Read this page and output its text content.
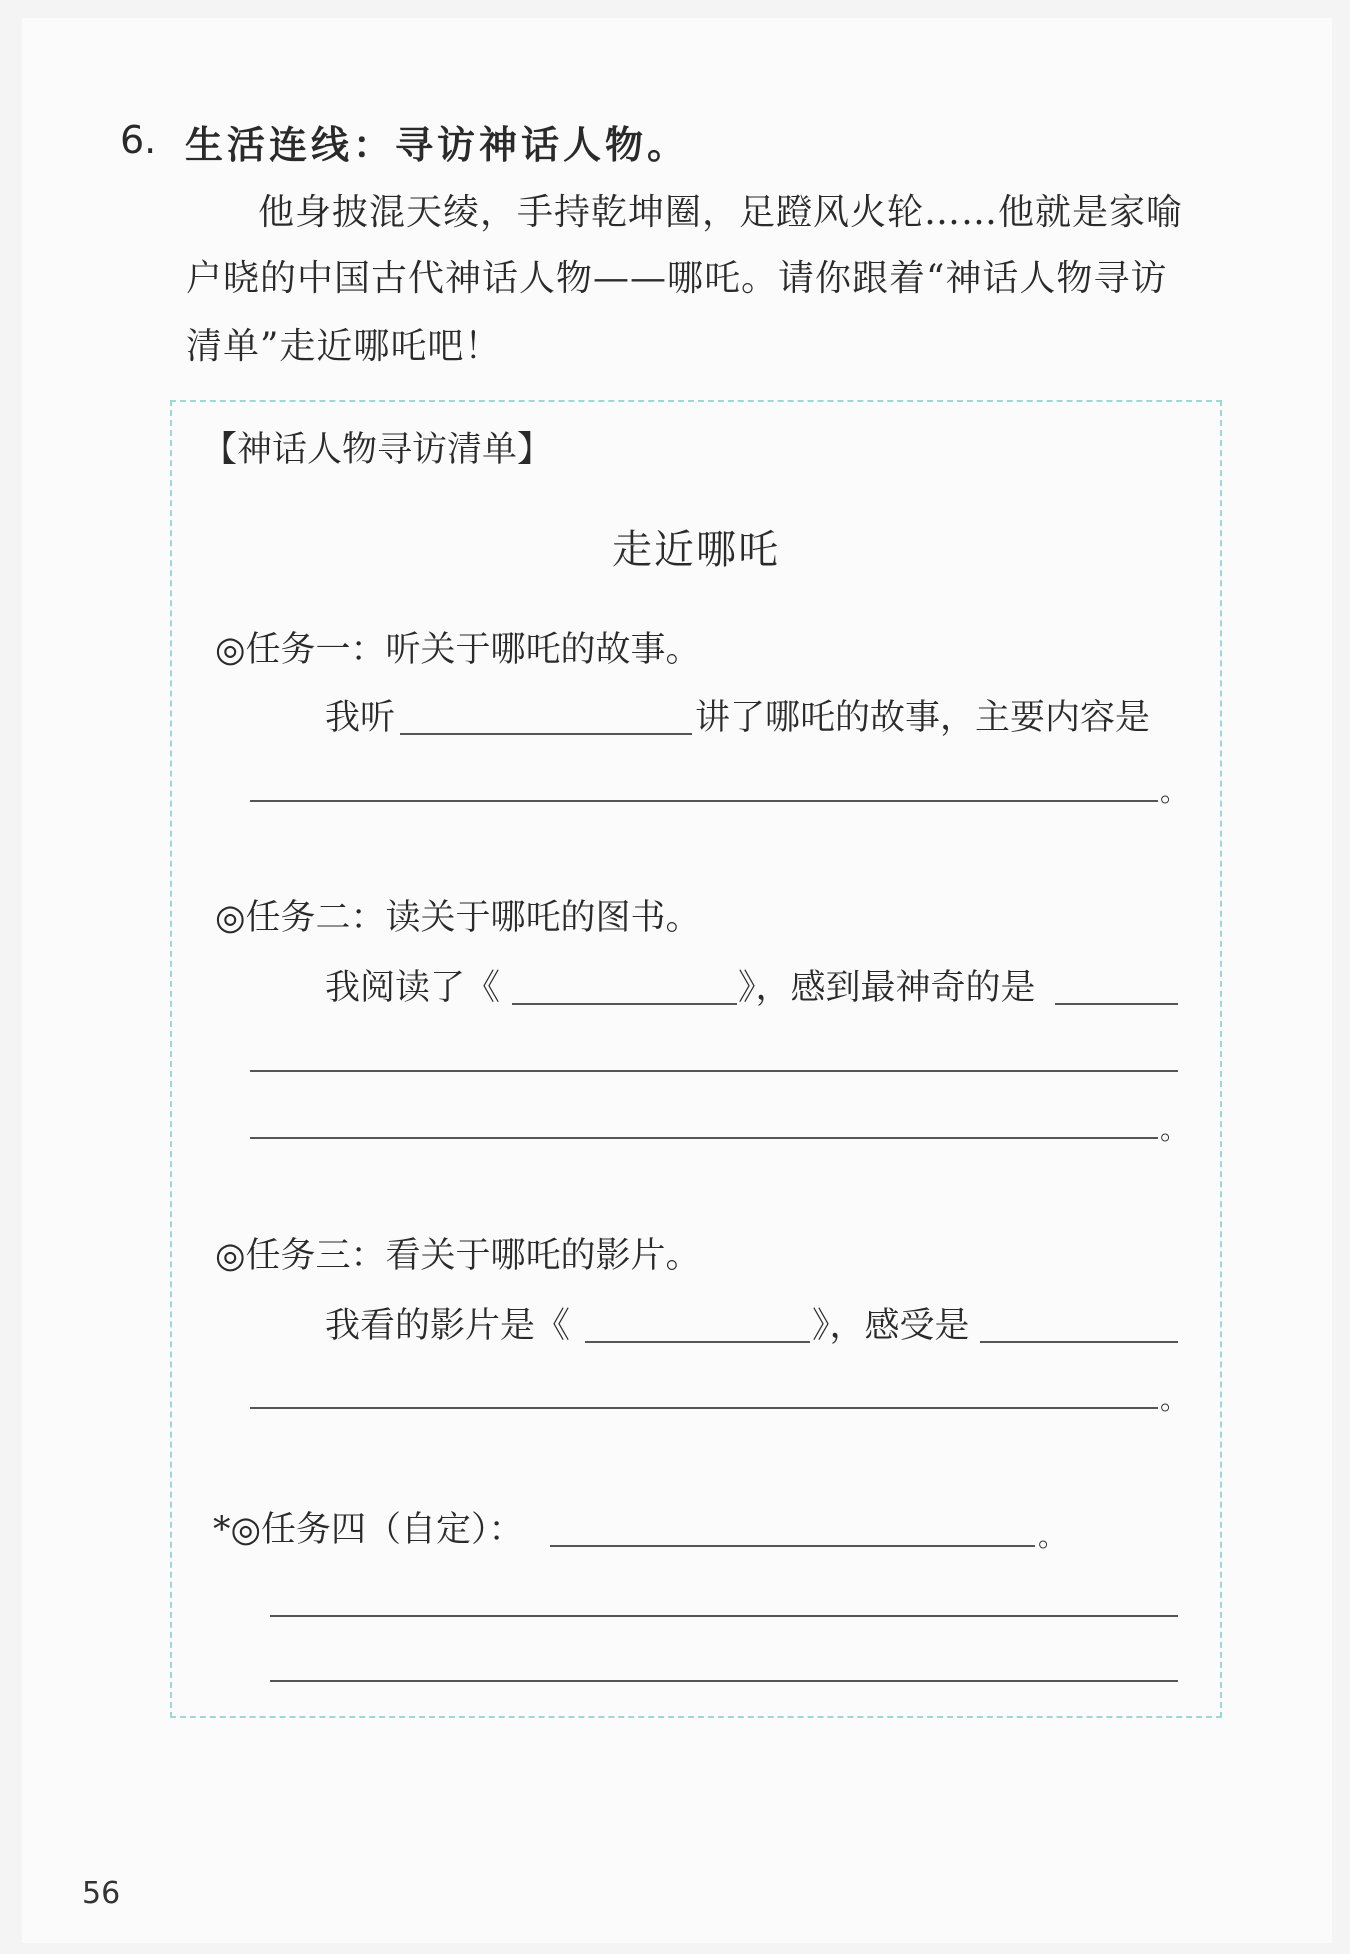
6. 生活连线：寻访神话人物。
他身披混天绫，手持乾坤圈，足蹬风火轮……他就是家喻
户晓的中国古代神话人物——哪吒。请你跟着“神话人物寻访
清单”走近哪吒吧！
【神话人物寻访清单】
走近哪吒
◎任务一：听关于哪吒的故事。
我听	讲了哪吒的故事，主要内容是
。
◎任务二：读关于哪吒的图书。
我阅读了《	》，感到最神奇的是
。
◎任务三：看关于哪吒的影片。
我看的影片是《	》，感受是
。
*◎任务四（自定）：	。
56
